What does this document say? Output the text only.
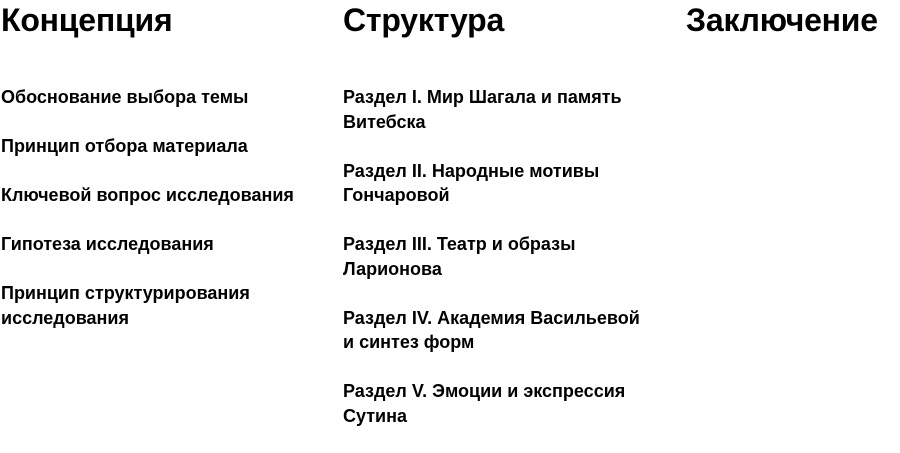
Концепция
Обоснование выбора темы
Принцип отбора материала
Ключевой вопрос исследования
Гипотеза исследования
Принцип структурирования исследования
Структура
Раздел I. Мир Шагала и память Витебска
Раздел II. Народные мотивы Гончаровой
Раздел III. Театр и образы Ларионова
Раздел IV. Академия Васильевой и синтез форм
Раздел V. Эмоции и экспрессия Сутина
Заключение
